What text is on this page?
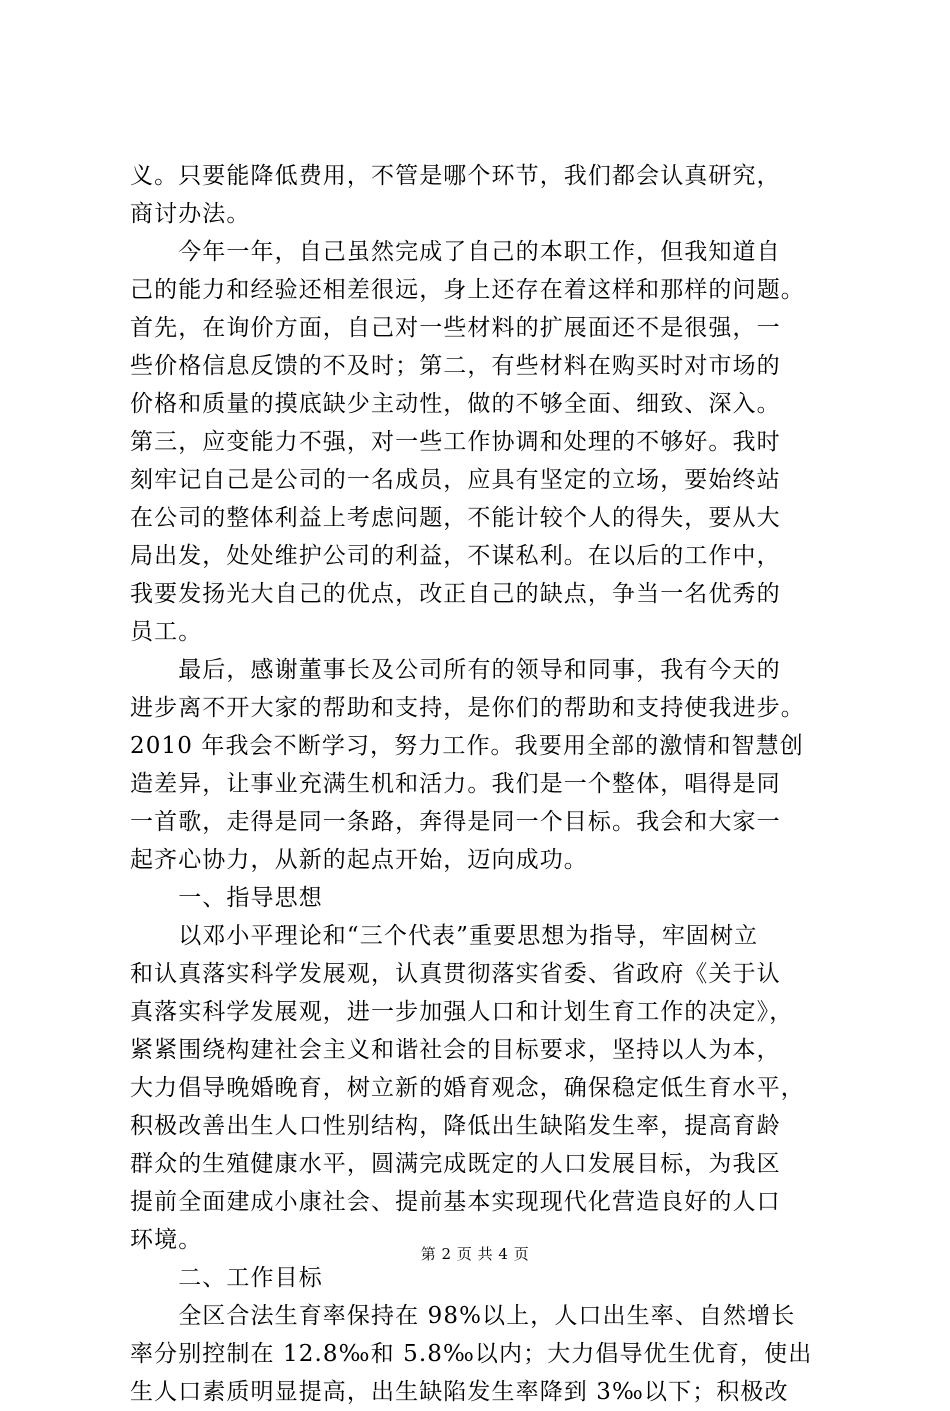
义。只要能降低费用，不管是哪个环节，我们都会认真研究，
商讨办法。
　　今年一年，自己虽然完成了自己的本职工作，但我知道自
己的能力和经验还相差很远，身上还存在着这样和那样的问题。
首先，在询价方面，自己对一些材料的扩展面还不是很强，一
些价格信息反馈的不及时；第二，有些材料在购买时对市场的
价格和质量的摸底缺少主动性，做的不够全面、细致、深入。
第三，应变能力不强，对一些工作协调和处理的不够好。我时
刻牢记自己是公司的一名成员，应具有坚定的立场，要始终站
在公司的整体利益上考虑问题，不能计较个人的得失，要从大
局出发，处处维护公司的利益，不谋私利。在以后的工作中，
我要发扬光大自己的优点，改正自己的缺点，争当一名优秀的
员工。
　　最后，感谢董事长及公司所有的领导和同事，我有今天的
进步离不开大家的帮助和支持，是你们的帮助和支持使我进步。
2010 年我会不断学习，努力工作。我要用全部的激情和智慧创
造差异，让事业充满生机和活力。我们是一个整体，唱得是同
一首歌，走得是同一条路，奔得是同一个目标。我会和大家一
起齐心协力，从新的起点开始，迈向成功。
　　一、指导思想
　　以邓小平理论和“三个代表”重要思想为指导，牢固树立
和认真落实科学发展观，认真贯彻落实省委、省政府《关于认
真落实科学发展观，进一步加强人口和计划生育工作的决定》，
紧紧围绕构建社会主义和谐社会的目标要求，坚持以人为本，
大力倡导晚婚晚育，树立新的婚育观念，确保稳定低生育水平，
积极改善出生人口性别结构，降低出生缺陷发生率，提高育龄
群众的生殖健康水平，圆满完成既定的人口发展目标，为我区
提前全面建成小康社会、提前基本实现现代化营造良好的人口
环境。
　　二、工作目标
　　全区合法生育率保持在 98%以上，人口出生率、自然增长
率分别控制在 12.8‰和 5.8‰以内；大力倡导优生优育，使出
生人口素质明显提高，出生缺陷发生率降到 3‰以下；积极改
第 2 页 共 4 页
